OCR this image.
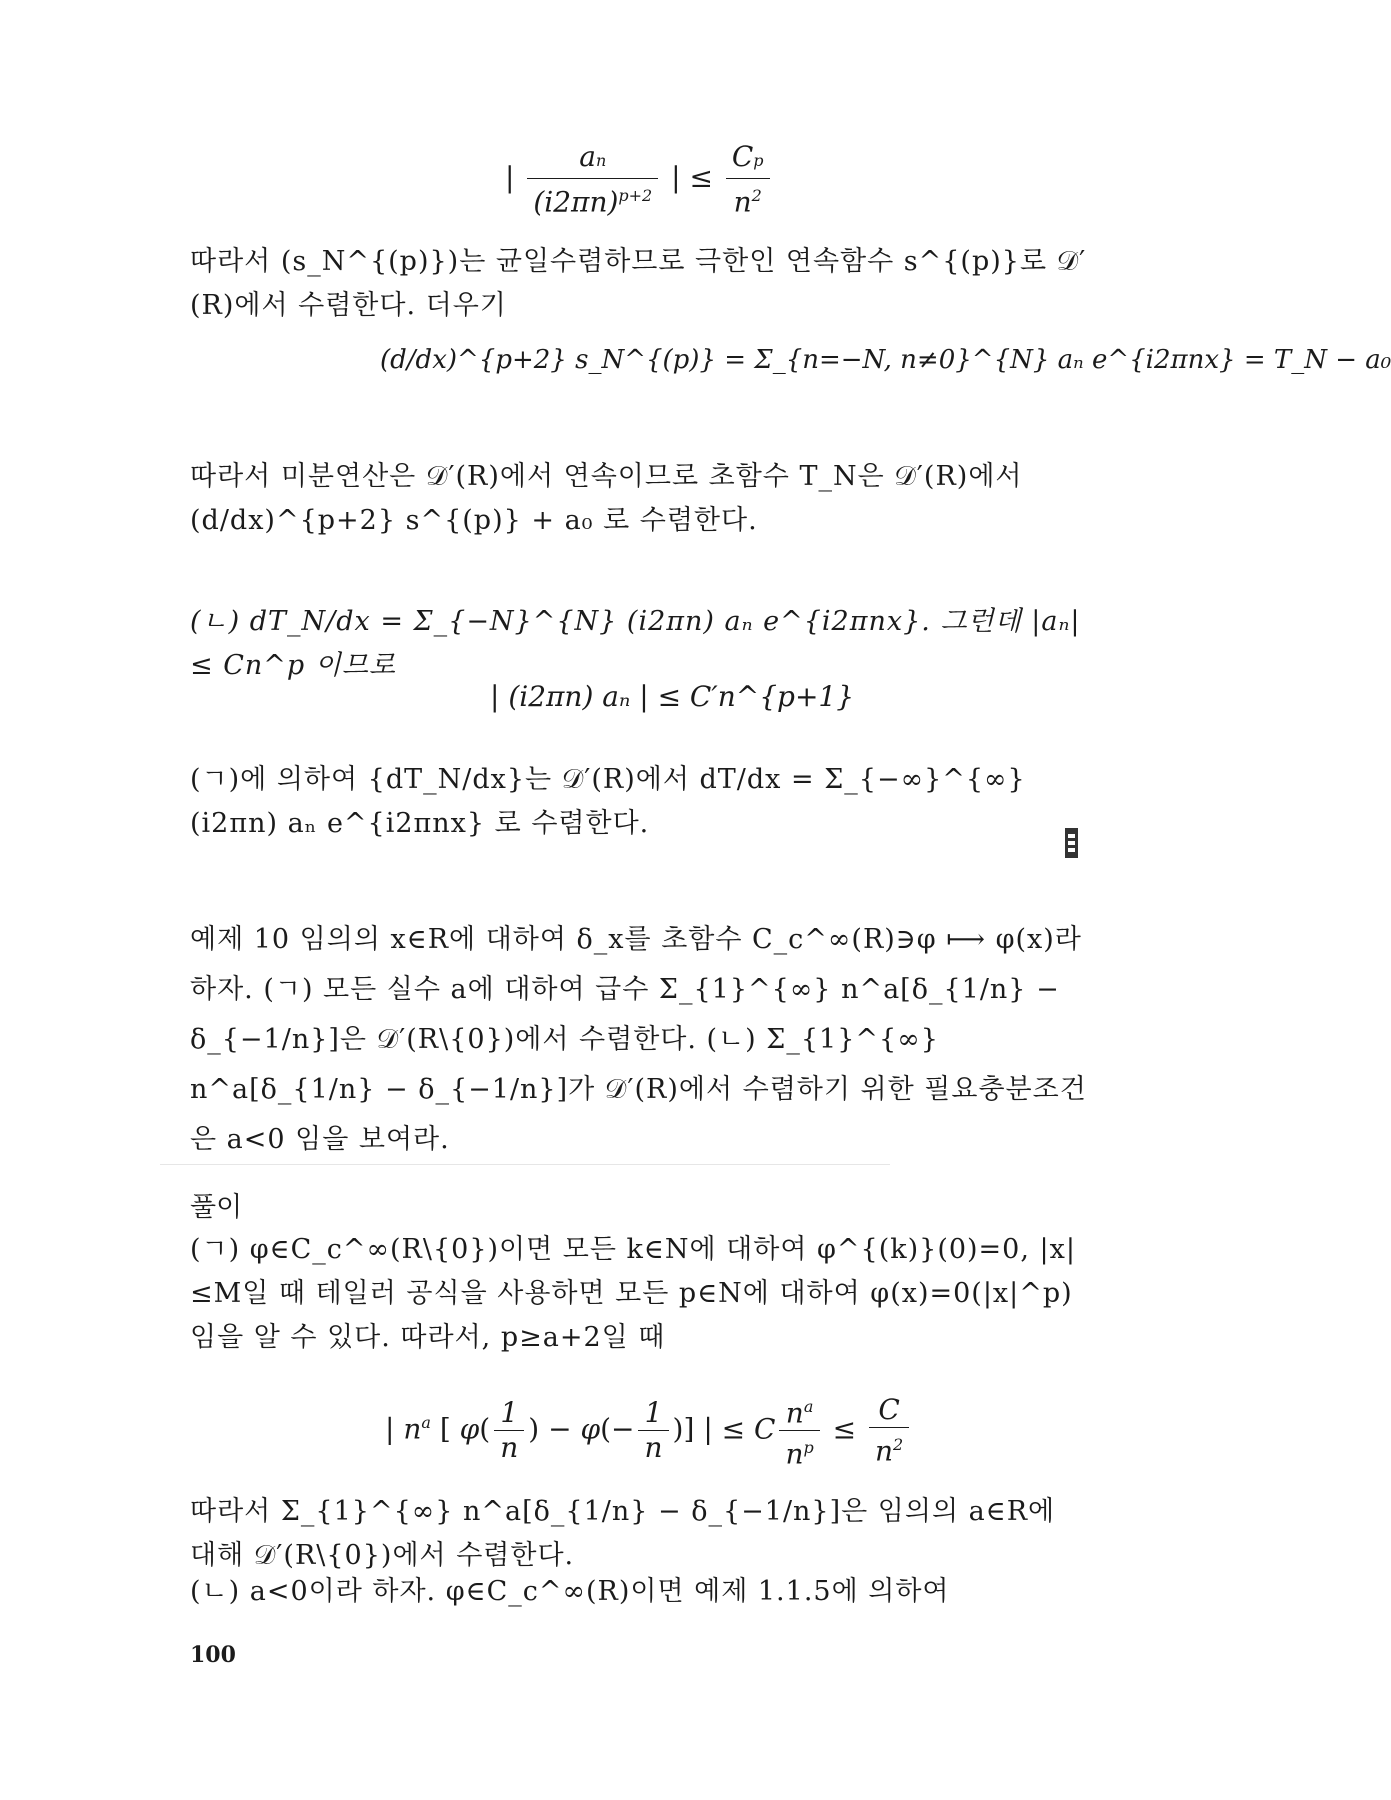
| $\frac{an}{(i2\pi n)^{p+2}}$ | ≤ $\frac{Cp}{n^2}$
따라서 (s_N^{(p)})는 균일수렴하므로 극한인 연속함수 s^{(p)}로 𝒟′(R)에서 수렴한다. 더우기
(d/dx)^{p+2} s_N^{(p)} = Σ_{n=−N, n≠0}^{N} aₙ e^{i2πnx} = T_N − a₀
따라서 미분연산은 𝒟′(R)에서 연속이므로 초함수 T_N은 𝒟′(R)에서 (d/dx)^{p+2} s^{(p)} + a₀ 로 수렴한다.
(ㄴ) dT_N/dx = Σ_{−N}^{N} (i2πn) aₙ e^{i2πnx}. 그런데 |aₙ| ≤ Cn^p 이므로
| (i2πn) aₙ | ≤ C′n^{p+1}
(ㄱ)에 의하여 {dT_N/dx}는 𝒟′(R)에서 dT/dx = Σ_{−∞}^{∞} (i2πn) aₙ e^{i2πnx} 로 수렴한다.
예제 10 임의의 x∈R에 대하여 δ_x를 초함수 C_c^∞(R)∋φ ⟼ φ(x)라 하자. (ㄱ) 모든 실수 a에 대하여 급수 Σ_{1}^{∞} n^a[δ_{1/n} − δ_{−1/n}]은 𝒟′(R\{0})에서 수렴한다. (ㄴ) Σ_{1}^{∞} n^a[δ_{1/n} − δ_{−1/n}]가 𝒟′(R)에서 수렴하기 위한 필요충분조건은 a<0 임을 보여라.
풀이
(ㄱ) φ∈C_c^∞(R\{0})이면 모든 k∈N에 대하여 φ^{(k)}(0)=0, |x|≤M일 때 테일러 공식을 사용하면 모든 p∈N에 대하여 φ(x)=0(|x|^p)임을 알 수 있다. 따라서, p≥a+2일 때
| $n^a$ [ $\varphi( \frac{1}{n}$ ) − $\varphi(- \frac{1}{n}$ )] | ≤ C $\frac{n^a}{n^p} \le \frac{C}{n^2}$
따라서 Σ_{1}^{∞} n^a[δ_{1/n} − δ_{−1/n}]은 임의의 a∈R에 대해 𝒟′(R\{0})에서 수렴한다.
(ㄴ) a<0이라 하자. φ∈C_c^∞(R)이면 예제 1.1.5에 의하여
100
